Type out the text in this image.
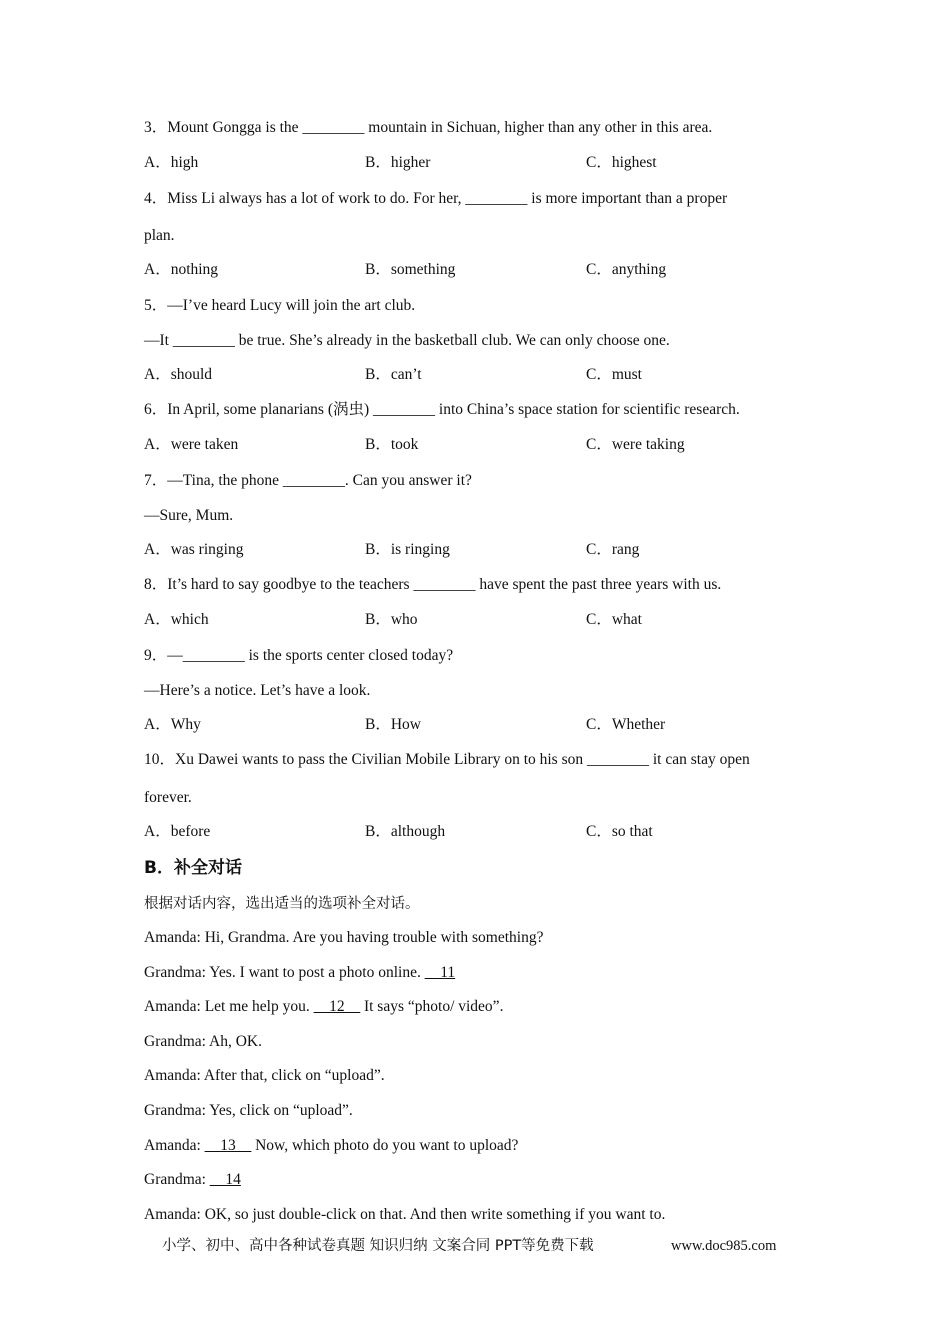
3．Mount Gongga is the ________ mountain in Sichuan, higher than any other in this area.
A．high	B．higher	C．highest
4．Miss Li always has a lot of work to do. For her, ________ is more important than a proper
plan.
A．nothing	B．something	C．anything
5．—I’ve heard Lucy will join the art club.
—It ________ be true. She’s already in the basketball club. We can only choose one.
A．should	B．can’t	C．must
6．In April, some planarians (涡虫) ________ into China’s space station for scientific research.
A．were taken	B．took	C．were taking
7．—Tina, the phone ________. Can you answer it?
—Sure, Mum.
A．was ringing	B．is ringing	C．rang
8．It’s hard to say goodbye to the teachers ________ have spent the past three years with us.
A．which	B．who	C．what
9．—________ is the sports center closed today?
—Here’s a notice. Let’s have a look.
A．Why	B．How	C．Whether
10．Xu Dawei wants to pass the Civilian Mobile Library on to his son ________ it can stay open
forever.
A．before	B．although	C．so that
B．补全对话
根据对话内容，选出适当的选项补全对话。
Amanda: Hi, Grandma. Are you having trouble with something?
Grandma: Yes. I want to post a photo online. __11
Amanda: Let me help you. __12__ It says “photo/ video”.
Grandma: Ah, OK.
Amanda: After that, click on “upload”.
Grandma: Yes, click on “upload”.
Amanda: __13__ Now, which photo do you want to upload?
Grandma: __14
Amanda: OK, so just double-click on that. And then write something if you want to.
小学、初中、高中各种试卷真题 知识归纳 文案合同 PPT等免费下载	www.doc985.com
